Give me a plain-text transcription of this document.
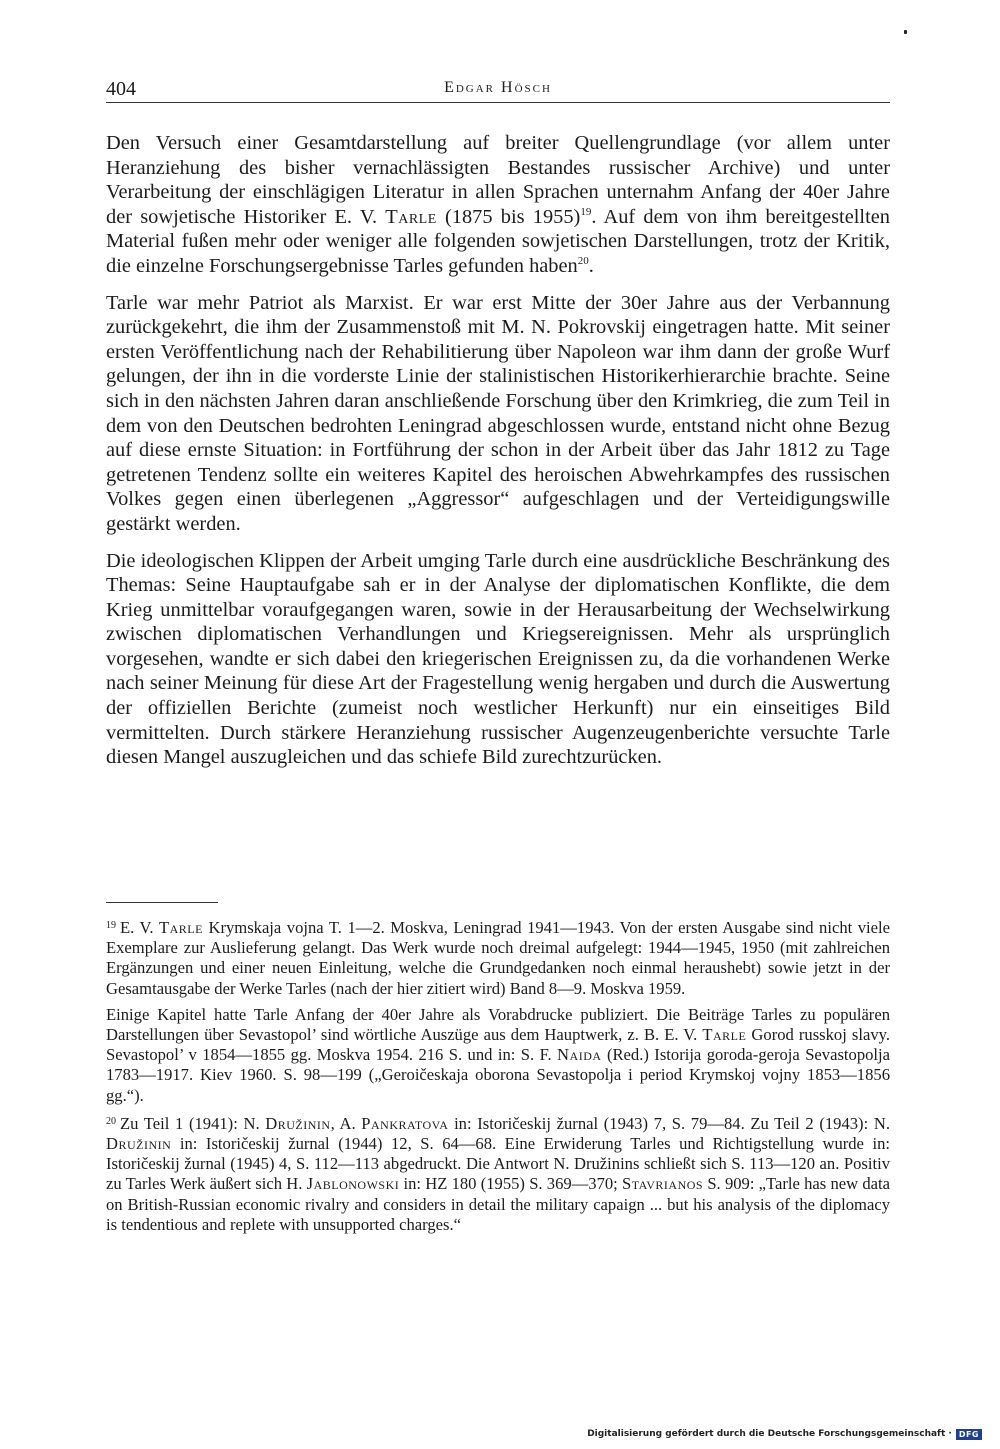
404	Edgar Hösch

Den Versuch einer Gesamtdarstellung auf breiter Quellengrundlage (vor allem unter Heranziehung des bisher vernachlässigten Bestandes russischer Archive) und unter Verarbeitung der einschlägigen Literatur in allen Sprachen unternahm Anfang der 40er Jahre der sowjetische Historiker E. V. Tarle (1875 bis 1955)$^{19}$. Auf dem von ihm bereitgestellten Material fußen mehr oder weniger alle folgenden sowjetischen Darstellungen, trotz der Kritik, die einzelne Forschungsergebnisse Tarles gefunden haben$^{20}$.

Tarle war mehr Patriot als Marxist. Er war erst Mitte der 30er Jahre aus der Verbannung zurückgekehrt, die ihm der Zusammenstoß mit M. N. Pokrovskij eingetragen hatte. Mit seiner ersten Veröffentlichung nach der Rehabilitierung über Napoleon war ihm dann der große Wurf gelungen, der ihn in die vorderste Linie der stalinistischen Historikerhierarchie brachte. Seine sich in den nächsten Jahren daran anschließende Forschung über den Krimkrieg, die zum Teil in dem von den Deutschen bedrohten Leningrad abgeschlossen wurde, entstand nicht ohne Bezug auf diese ernste Situation: in Fortführung der schon in der Arbeit über das Jahr 1812 zu Tage getretenen Tendenz sollte ein weiteres Kapitel des heroischen Abwehrkampfes des russischen Volkes gegen einen überlegenen „Aggressor“ aufgeschlagen und der Verteidigungswille gestärkt werden.

Die ideologischen Klippen der Arbeit umging Tarle durch eine ausdrückliche Beschränkung des Themas: Seine Hauptaufgabe sah er in der Analyse der diplomatischen Konflikte, die dem Krieg unmittelbar voraufgegangen waren, sowie in der Herausarbeitung der Wechselwirkung zwischen diplomatischen Verhandlungen und Kriegsereignissen. Mehr als ursprünglich vorgesehen, wandte er sich dabei den kriegerischen Ereignissen zu, da die vorhandenen Werke nach seiner Meinung für diese Art der Fragestellung wenig hergaben und durch die Auswertung der offiziellen Berichte (zumeist noch westlicher Herkunft) nur ein einseitiges Bild vermittelten. Durch stärkere Heranziehung russischer Augenzeugenberichte versuchte Tarle diesen Mangel auszugleichen und das schiefe Bild zurechtzurücken.

$^{19}$ E. V. Tarle Krymskaja vojna T. 1—2. Moskva, Leningrad 1941—1943. Von der ersten Ausgabe sind nicht viele Exemplare zur Auslieferung gelangt. Das Werk wurde noch dreimal aufgelegt: 1944—1945, 1950 (mit zahlreichen Ergänzungen und einer neuen Einleitung, welche die Grundgedanken noch einmal heraushebt) sowie jetzt in der Gesamtausgabe der Werke Tarles (nach der hier zitiert wird) Band 8—9. Moskva 1959.

Einige Kapitel hatte Tarle Anfang der 40er Jahre als Vorabdrucke publiziert. Die Beiträge Tarles zu populären Darstellungen über Sevastopol’ sind wörtliche Auszüge aus dem Hauptwerk, z. B. E. V. Tarle Gorod russkoj slavy. Sevastopol’ v 1854—1855 gg. Moskva 1954. 216 S. und in: S. F. Naida (Red.) Istorija goroda-geroja Sevastopolja 1783—1917. Kiev 1960. S. 98—199 („Geroičeskaja oborona Sevastopolja i period Krymskoj vojny 1853—1856 gg.“).

$^{20}$ Zu Teil 1 (1941): N. Družinin, A. Pankratova in: Istoričeskij žurnal (1943) 7, S. 79—84. Zu Teil 2 (1943): N. Družinin in: Istoričeskij žurnal (1944) 12, S. 64—68. Eine Erwiderung Tarles und Richtigstellung wurde in: Istoričeskij žurnal (1945) 4, S. 112—113 abgedruckt. Die Antwort N. Družinins schließt sich S. 113—120 an. Positiv zu Tarles Werk äußert sich H. Jablonowski in: HZ 180 (1955) S. 369—370; Stavrianos S. 909: „Tarle has new data on British-Russian economic rivalry and considers in detail the military capaign ... but his analysis of the diplomacy is tendentious and replete with unsupported charges.“

Digitalisierung gefördert durch die Deutsche Forschungsgemeinschaft · DFG
